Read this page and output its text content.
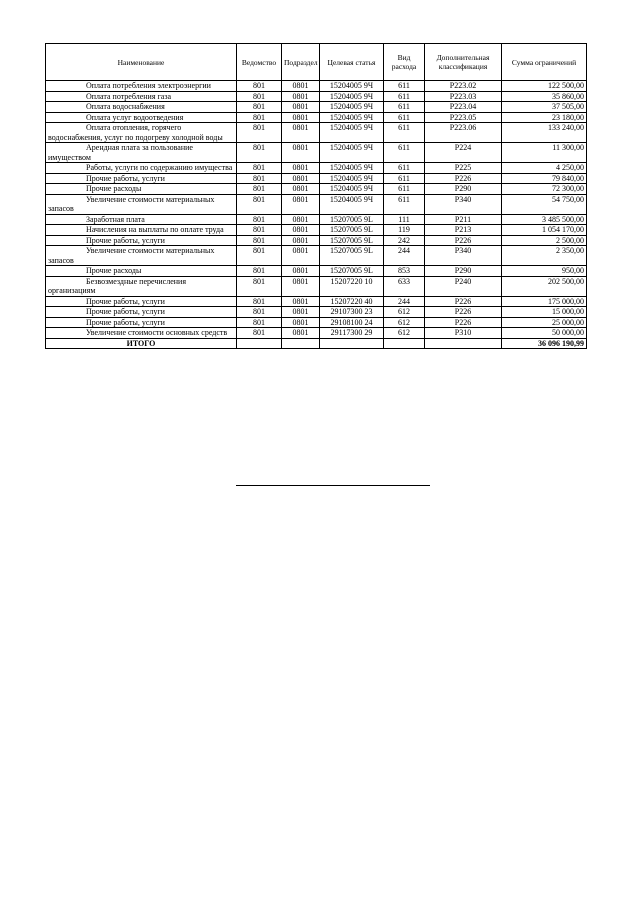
Наименование	Ведомство	Подраздел	Целевая статья	Вид расхода	Дополнительная классификация	Сумма ограничений

Оплата потребления электроэнергии	801	0801	15204005 9Ч	611	Р223.02	122 500,00

Оплата потребления газа	801	0801	15204005 9Ч	611	Р223.03	35 860,00

Оплата водоснабжения	801	0801	15204005 9Ч	611	Р223.04	37 505,00

Оплата услуг водоотведения	801	0801	15204005 9Ч	611	Р223.05	23 180,00

Оплата отопления, горячего водоснабжения, услуг по подогреву холодной воды	801	0801	15204005 9Ч	611	Р223.06	133 240,00

Арендная плата за пользование имуществом	801	0801	15204005 9Ч	611	Р224	11 300,00

Работы, услуги по содержанию имущества	801	0801	15204005 9Ч	611	Р225	4 250,00

Прочие работы, услуги	801	0801	15204005 9Ч	611	Р226	79 840,00

Прочие расходы	801	0801	15204005 9Ч	611	Р290	72 300,00

Увеличение стоимости материальных запасов	801	0801	15204005 9Ч	611	Р340	54 750,00

Заработная плата	801	0801	15207005 9L	111	Р211	3 485 500,00

Начисления на выплаты по оплате труда	801	0801	15207005 9L	119	Р213	1 054 170,00

Прочие работы, услуги	801	0801	15207005 9L	242	Р226	2 500,00

Увеличение стоимости материальных запасов	801	0801	15207005 9L	244	Р340	2 350,00

Прочие расходы	801	0801	15207005 9L	853	Р290	950,00

Безвозмездные перечисления организациям	801	0801	15207220 10	633	Р240	202 500,00

Прочие работы, услуги	801	0801	15207220 40	244	Р226	175 000,00

Прочие работы, услуги	801	0801	29107300 23	612	Р226	15 000,00

Прочие работы, услуги	801	0801	29108100 24	612	Р226	25 000,00

Увеличение стоимости основных средств	801	0801	29117300 29	612	Р310	50 000,00

ИТОГО						36 096 190,99
